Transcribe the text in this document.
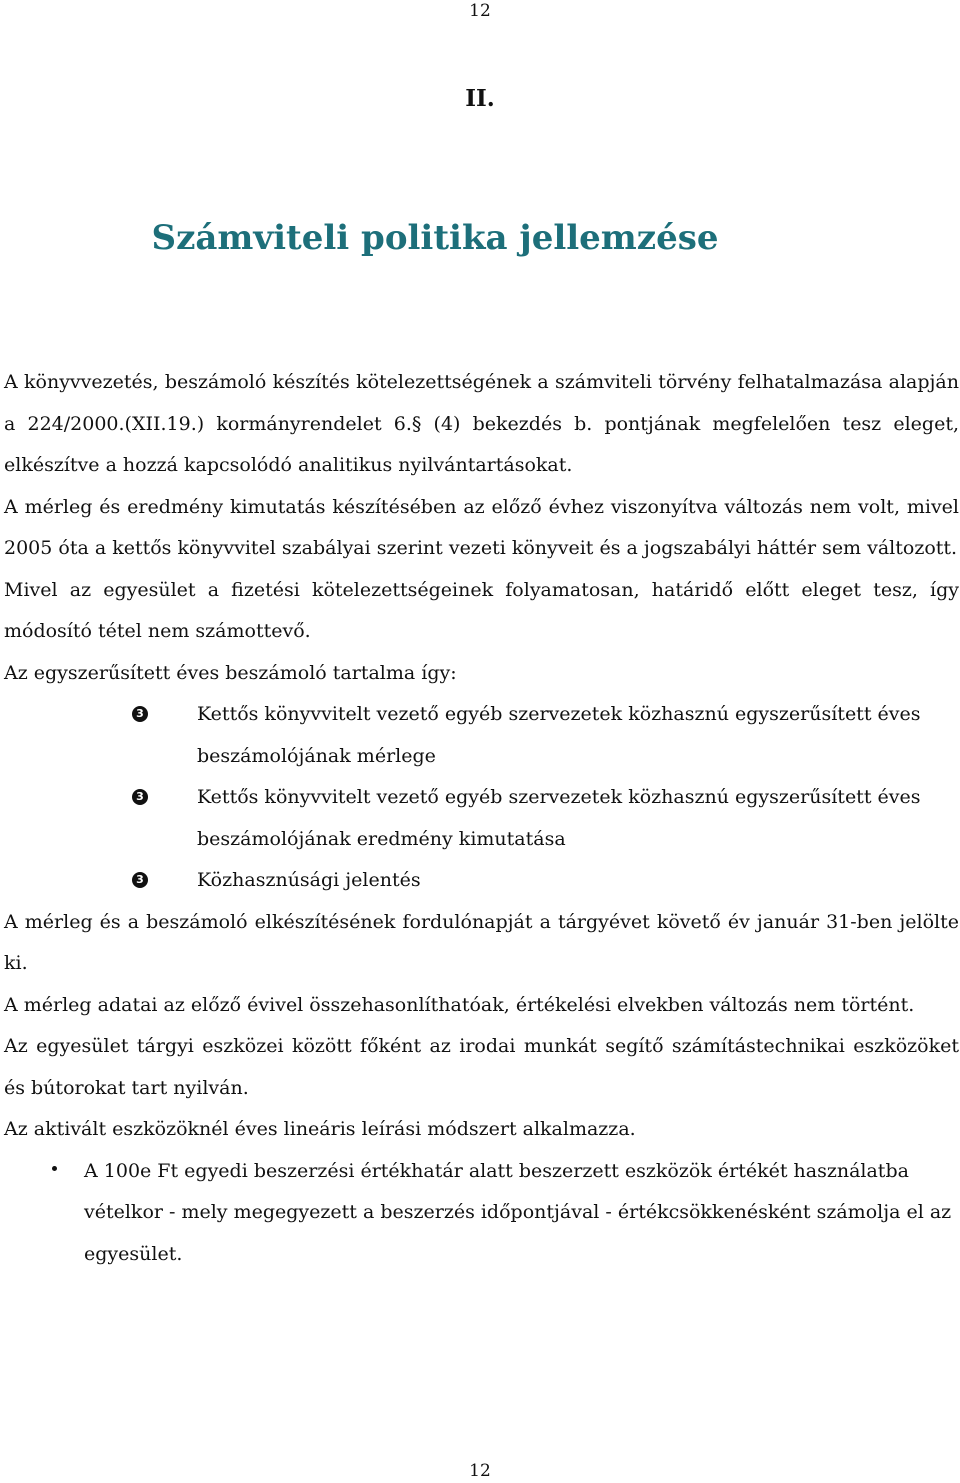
12
II.
Számviteli politika jellemzése

A könyvvezetés, beszámoló készítés kötelezettségének a számviteli törvény felhatalmazása alapján a 224/2000.(XII.19.) kormányrendelet 6.§ (4) bekezdés b. pontjának megfelelően tesz eleget, elkészítve a hozzá kapcsolódó analitikus nyilvántartásokat.

A mérleg és eredmény kimutatás készítésében az előző évhez viszonyítva változás nem volt, mivel 2005 óta a kettős könyvvitel szabályai szerint vezeti könyveit és a jogszabályi háttér sem változott.

Mivel az egyesület a fizetési kötelezettségeinek folyamatosan, határidő előtt eleget tesz, így módosító tétel nem számottevő.

Az egyszerűsített éves beszámoló tartalma így:

3	Kettős könyvvitelt vezető egyéb szervezetek közhasznú egyszerűsített éves beszámolójának mérlege
3	Kettős könyvvitelt vezető egyéb szervezetek közhasznú egyszerűsített éves beszámolójának eredmény kimutatása
3	Közhasznúsági jelentés

A mérleg és a beszámoló elkészítésének fordulónapját a tárgyévet követő év január 31-ben jelölte ki.

A mérleg adatai az előző évivel összehasonlíthatóak, értékelési elvekben változás nem történt.

Az egyesület tárgyi eszközei között főként az irodai munkát segítő számítástechnikai eszközöket és bútorokat tart nyilván.

Az aktivált eszközöknél éves lineáris leírási módszert alkalmazza.

A 100e Ft egyedi beszerzési értékhatár alatt beszerzett eszközök értékét használatba vételkor - mely megegyezett a beszerzés időpontjával - értékcsökkenésként számolja el az egyesület.
12
